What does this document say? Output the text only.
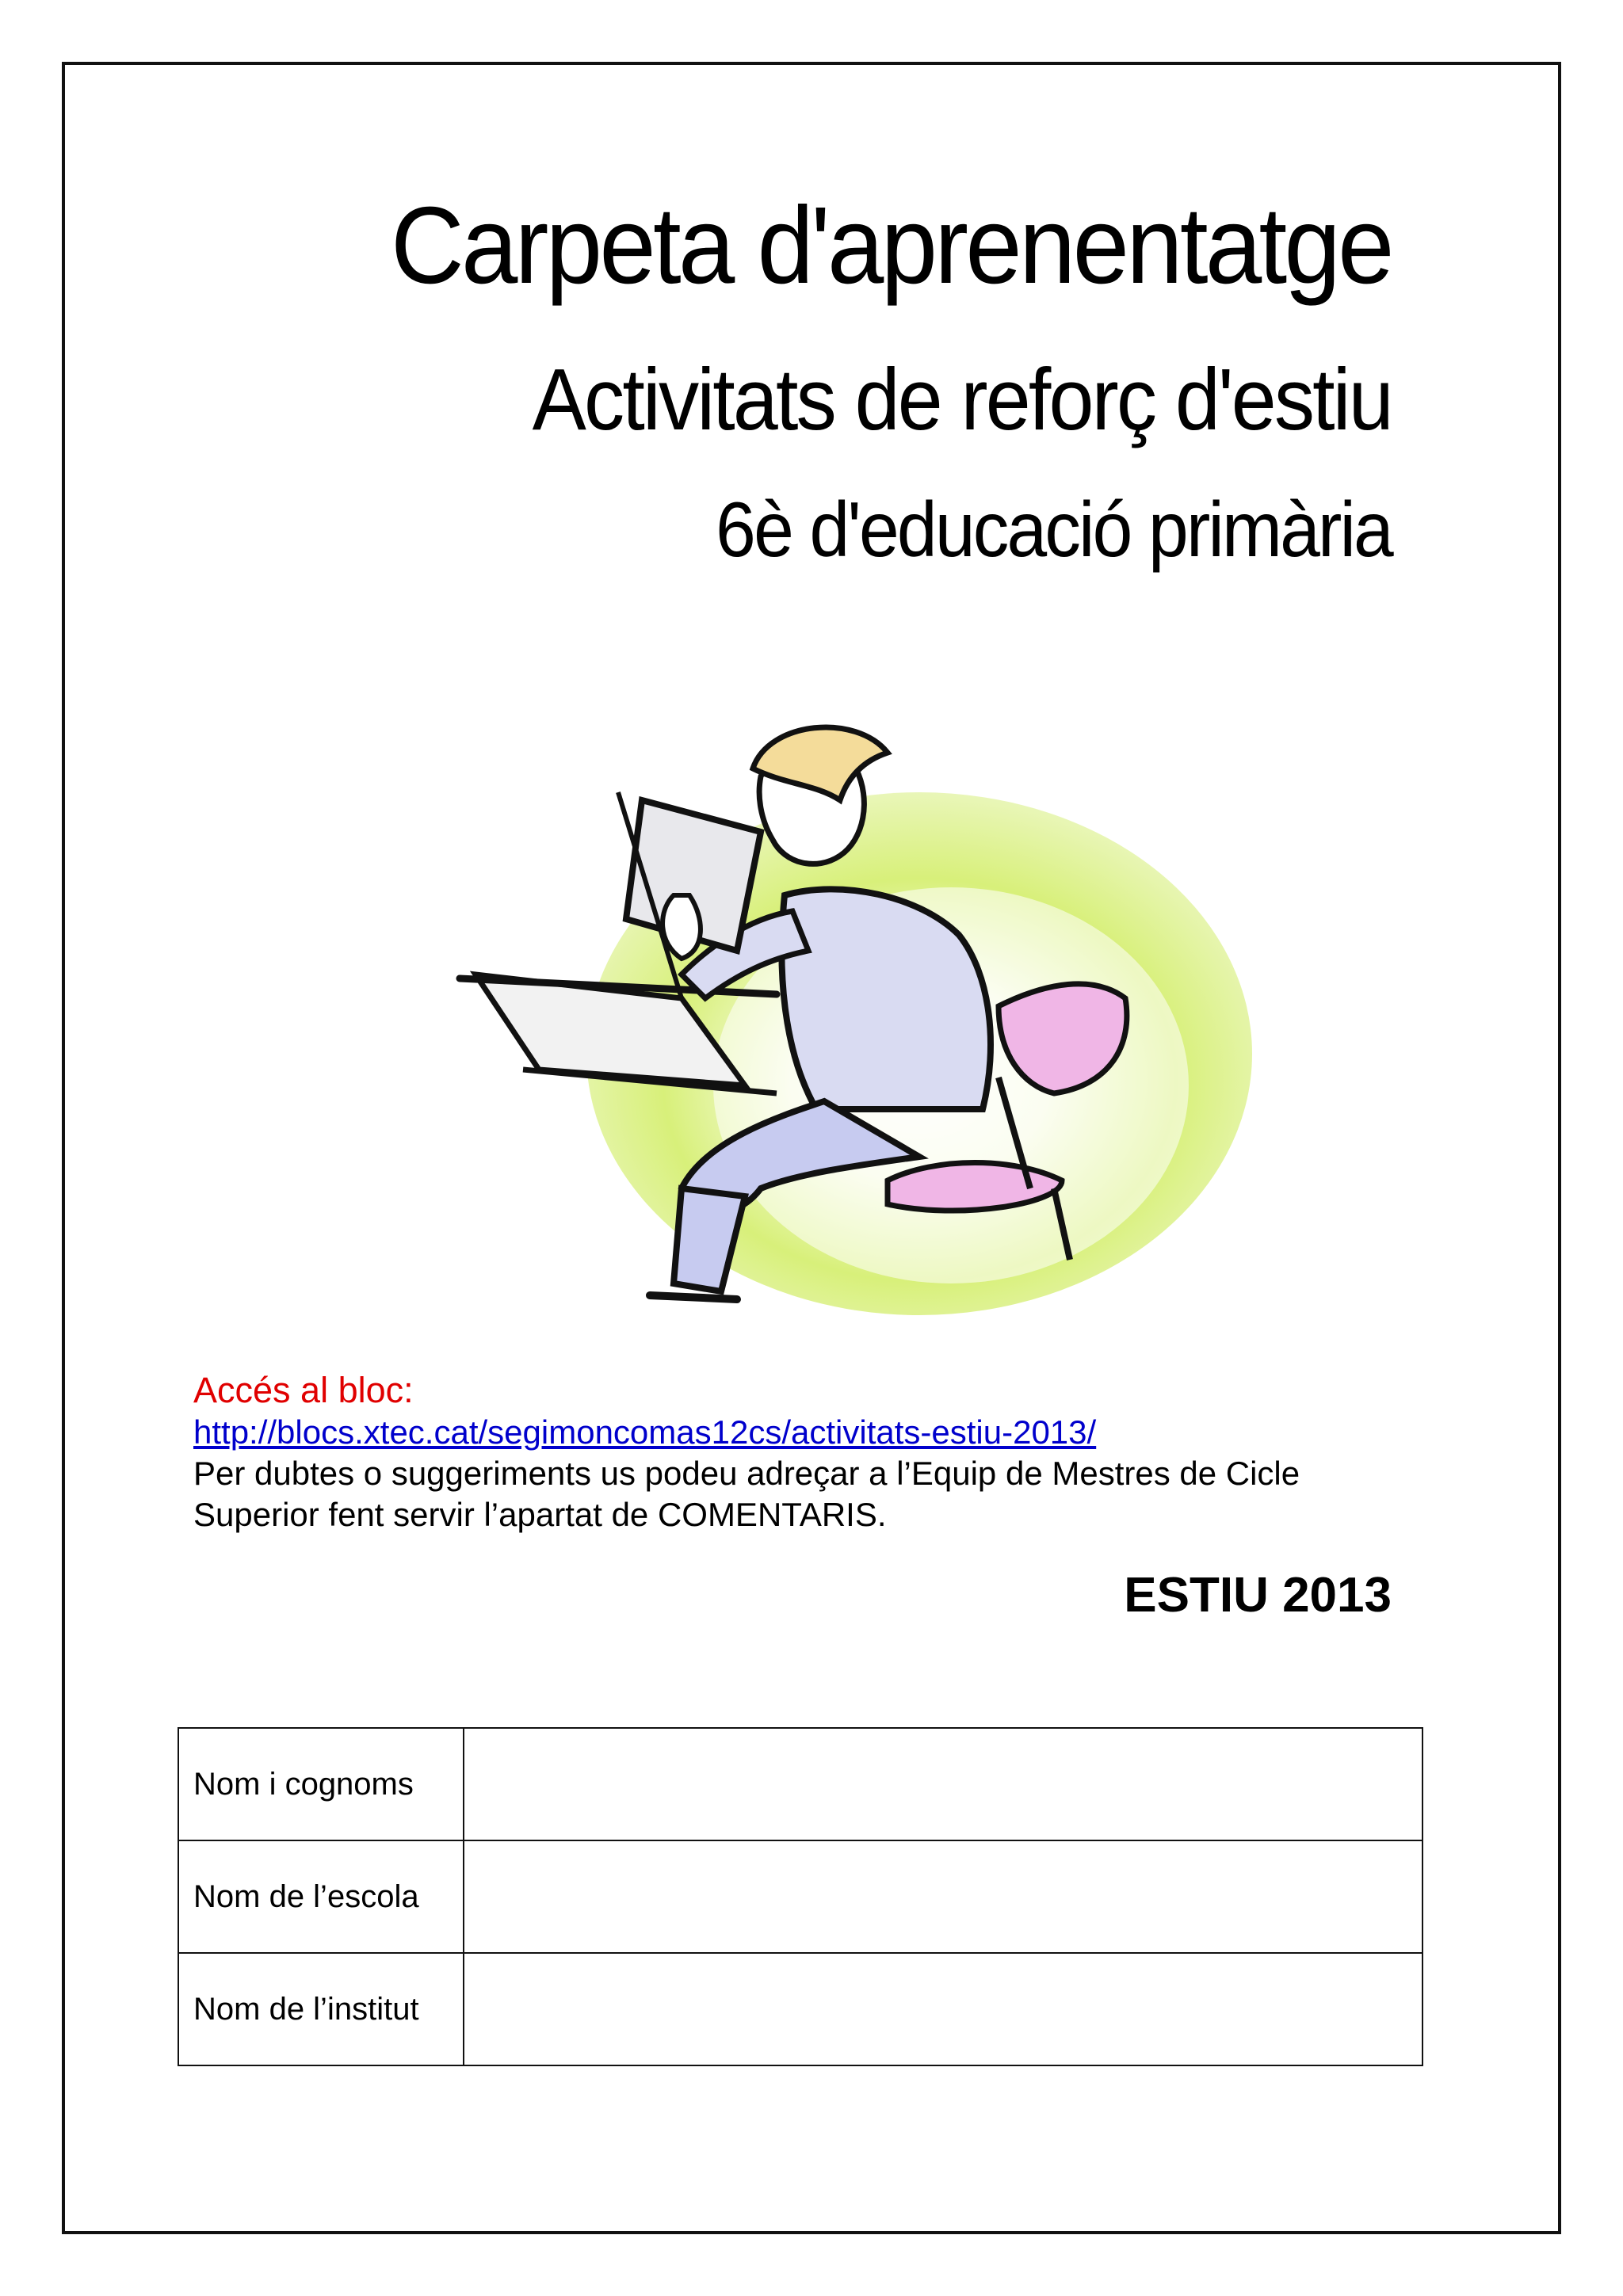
Carpeta d'aprenentatge
Activitats de reforç d'estiu
6è d'educació primària
Accés al bloc:
http://blocs.xtec.cat/segimoncomas12cs/activitats-estiu-2013/
Per dubtes o suggeriments us podeu adreçar a l’Equip de Mestres de Cicle Superior fent servir l’apartat de COMENTARIS.
ESTIU 2013
Nom i cognoms	
Nom de l’escola	
Nom de l’institut	
